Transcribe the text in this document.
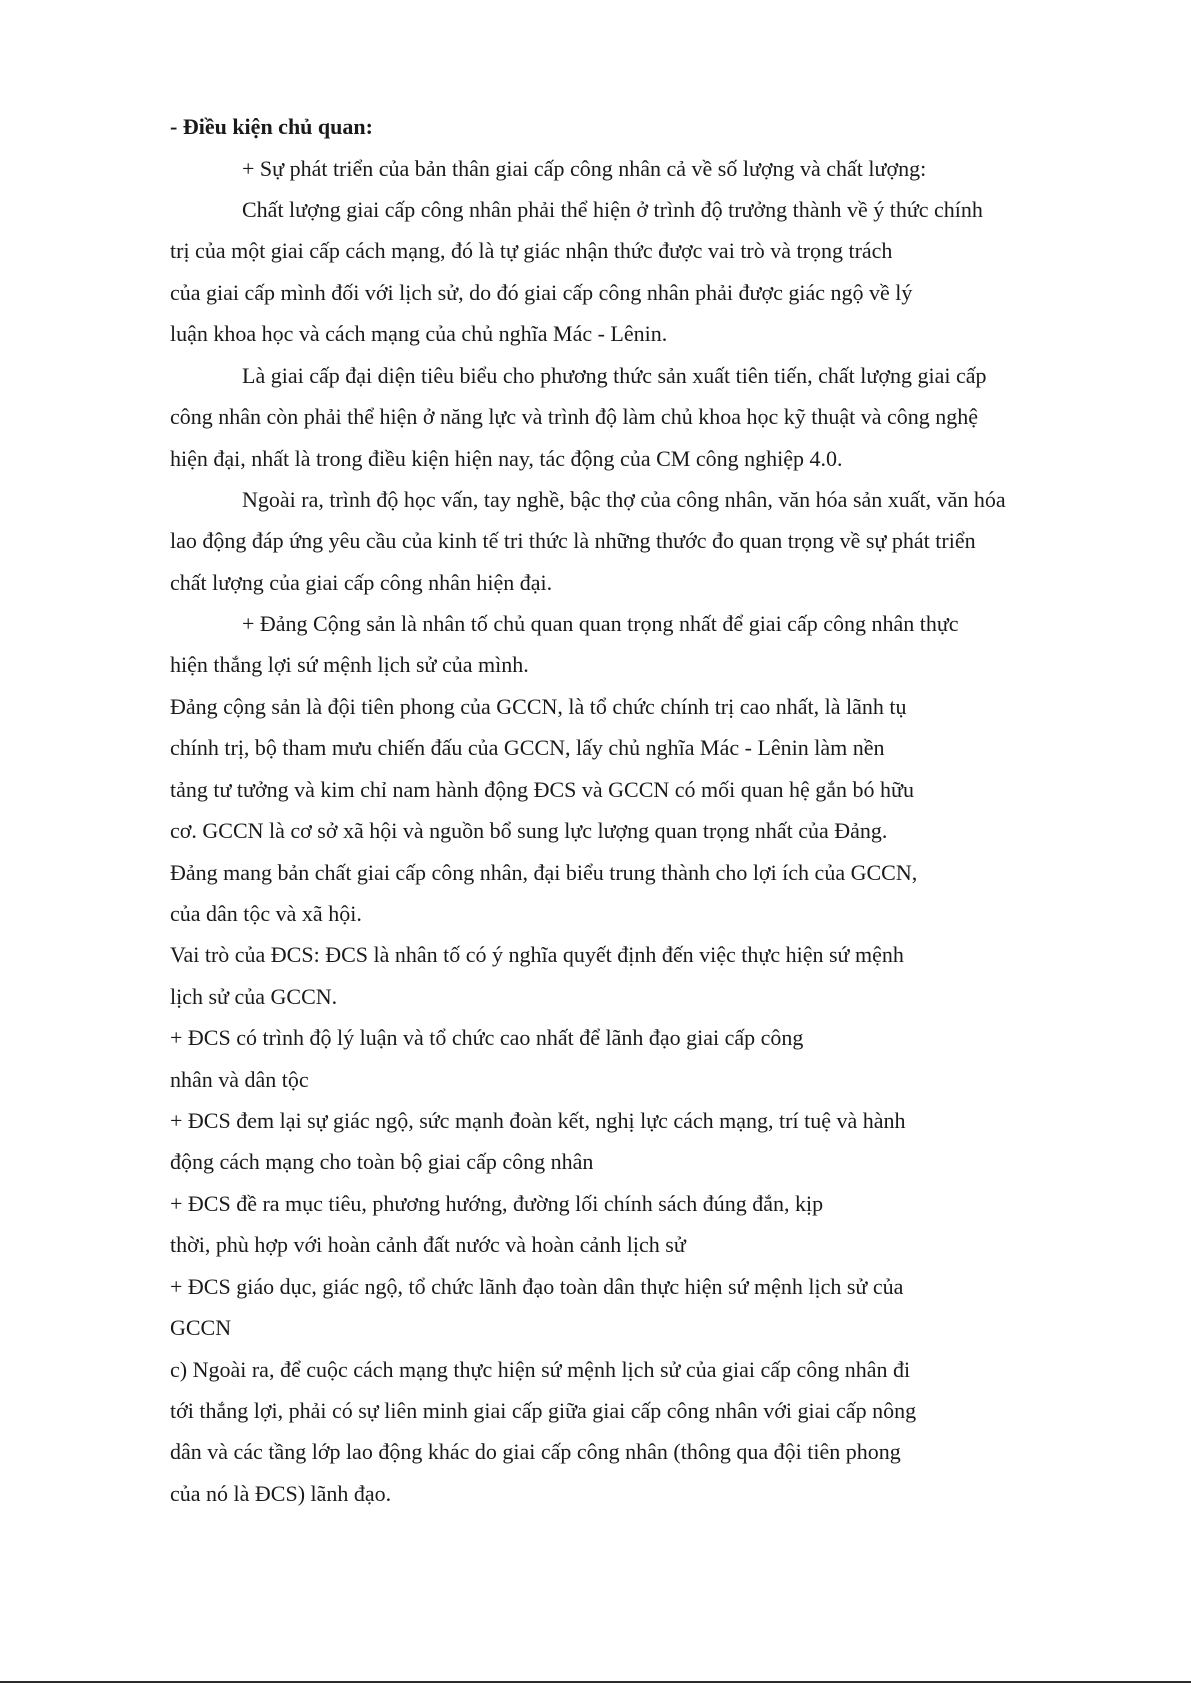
- Điều kiện chủ quan:
+ Sự phát triển của bản thân giai cấp công nhân cả về số lượng và chất lượng:
Chất lượng giai cấp công nhân phải thể hiện ở trình độ trưởng thành về ý thức chính
trị của một giai cấp cách mạng, đó là tự giác nhận thức được vai trò và trọng trách
của giai cấp mình đối với lịch sử, do đó giai cấp công nhân phải được giác ngộ về lý
luận khoa học và cách mạng của chủ nghĩa Mác - Lênin.
Là giai cấp đại diện tiêu biểu cho phương thức sản xuất tiên tiến, chất lượng giai cấp
công nhân còn phải thể hiện ở năng lực và trình độ làm chủ khoa học kỹ thuật và công nghệ
hiện đại, nhất là trong điều kiện hiện nay, tác động của CM công nghiệp 4.0.
Ngoài ra, trình độ học vấn, tay nghề, bậc thợ của công nhân, văn hóa sản xuất, văn hóa
lao động đáp ứng yêu cầu của kinh tế tri thức là những thước đo quan trọng về sự phát triển
chất lượng của giai cấp công nhân hiện đại.
+ Đảng Cộng sản là nhân tố chủ quan quan trọng nhất để giai cấp công nhân thực
hiện thắng lợi sứ mệnh lịch sử của mình.
Đảng cộng sản là đội tiên phong của GCCN, là tổ chức chính trị cao nhất, là lãnh tụ
chính trị, bộ tham mưu chiến đấu của GCCN, lấy chủ nghĩa Mác - Lênin làm nền
tảng tư tưởng và kim chỉ nam hành động ĐCS và GCCN có mối quan hệ gắn bó hữu
cơ. GCCN là cơ sở xã hội và nguồn bổ sung lực lượng quan trọng nhất của Đảng.
Đảng mang bản chất giai cấp công nhân, đại biểu trung thành cho lợi ích của GCCN,
của dân tộc và xã hội.
Vai trò của ĐCS: ĐCS là nhân tố có ý nghĩa quyết định đến việc thực hiện sứ mệnh
lịch sử của GCCN.
+ ĐCS có trình độ lý luận và tổ chức cao nhất để lãnh đạo giai cấp công
nhân và dân tộc
+ ĐCS đem lại sự giác ngộ, sức mạnh đoàn kết, nghị lực cách mạng, trí tuệ và hành
động cách mạng cho toàn bộ giai cấp công nhân
+ ĐCS đề ra mục tiêu, phương hướng, đường lối chính sách đúng đắn, kịp
thời, phù hợp với hoàn cảnh đất nước và hoàn cảnh lịch sử
+ ĐCS giáo dục, giác ngộ, tổ chức lãnh đạo toàn dân thực hiện sứ mệnh lịch sử của
GCCN
c) Ngoài ra, để cuộc cách mạng thực hiện sứ mệnh lịch sử của giai cấp công nhân đi
tới thắng lợi, phải có sự liên minh giai cấp giữa giai cấp công nhân với giai cấp nông
dân và các tầng lớp lao động khác do giai cấp công nhân (thông qua đội tiên phong
của nó là ĐCS) lãnh đạo.
